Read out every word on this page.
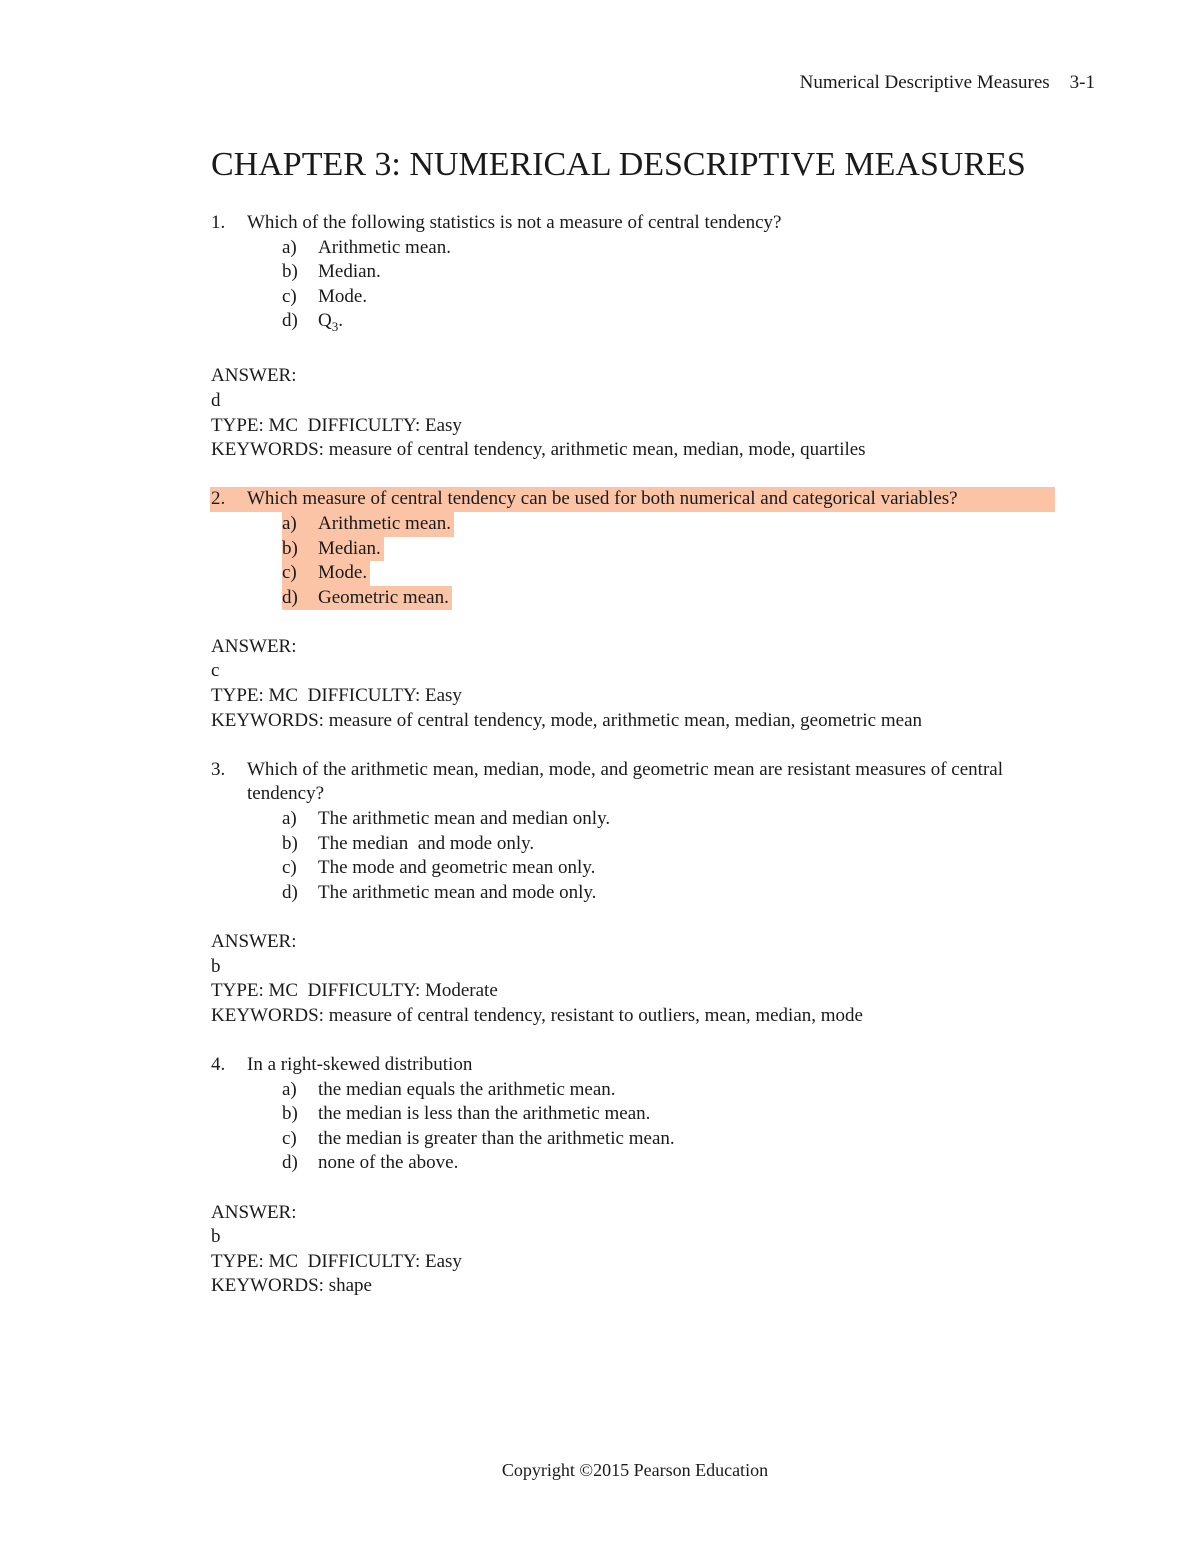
Numerical Descriptive Measures 3-1
CHAPTER 3: NUMERICAL DESCRIPTIVE MEASURES
1.	Which of the following statistics is not a measure of central tendency?
a)	Arithmetic mean.
b)	Median.
c)	Mode.
d)	$Q_3$.
ANSWER:
d
TYPE: MC  DIFFICULTY: Easy
KEYWORDS: measure of central tendency, arithmetic mean, median, mode, quartiles
2.	Which measure of central tendency can be used for both numerical and categorical variables?
a)	Arithmetic mean.
b)	Median.
c)	Mode.
d)	Geometric mean.
ANSWER:
c
TYPE: MC  DIFFICULTY: Easy
KEYWORDS: measure of central tendency, mode, arithmetic mean, median, geometric mean
3.	Which of the arithmetic mean, median, mode, and geometric mean are resistant measures of central tendency?
a)	The arithmetic mean and median only.
b)	The median  and mode only.
c)	The mode and geometric mean only.
d)	The arithmetic mean and mode only.
ANSWER:
b
TYPE: MC  DIFFICULTY: Moderate
KEYWORDS: measure of central tendency, resistant to outliers, mean, median, mode
4.	In a right-skewed distribution
a)	the median equals the arithmetic mean.
b)	the median is less than the arithmetic mean.
c)	the median is greater than the arithmetic mean.
d)	none of the above.
ANSWER:
b
TYPE: MC  DIFFICULTY: Easy
KEYWORDS: shape
Copyright ©2015 Pearson Education
